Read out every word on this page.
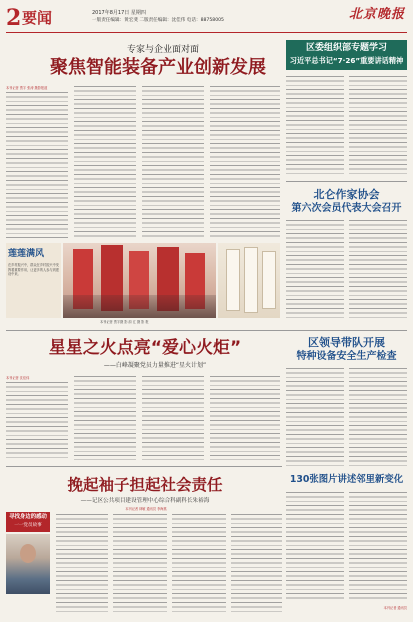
2 要闻	2017年8月17日 星期四
一版责任编辑：黄宏斐 二版责任编辑：沈佳伟 电话：88758005	北京晚报
专家与企业面对面
聚焦智能装备产业创新发展
本刊记者 贾宇 张涛 摄影报道
莲莲满风
在乡村振兴中，群众在乡村振兴中发挥着重要作用，让更多的人参与到建设中来。
本刊记者 贾宇摄 影 韵 汇 摄 影 报
区委组织部专题学习
习近平总书记“7·26”重要讲话精神
北仑作家协会
第六次会员代表大会召开
星星之火点亮“爱心火炬”
——白峰凝聚党员力量推进“星火计划”
本刊记者 沈佳伟
区领导带队开展
特种设备安全生产检查
挽起袖子担起社会责任
——记区公共项目建设管理中心综合科副科长朱裕海
本刊记者 林敏 通讯员 李海燕
寻找身边的感动
一一党员故事
130张图片讲述邻里新变化
本刊记者 通讯员
